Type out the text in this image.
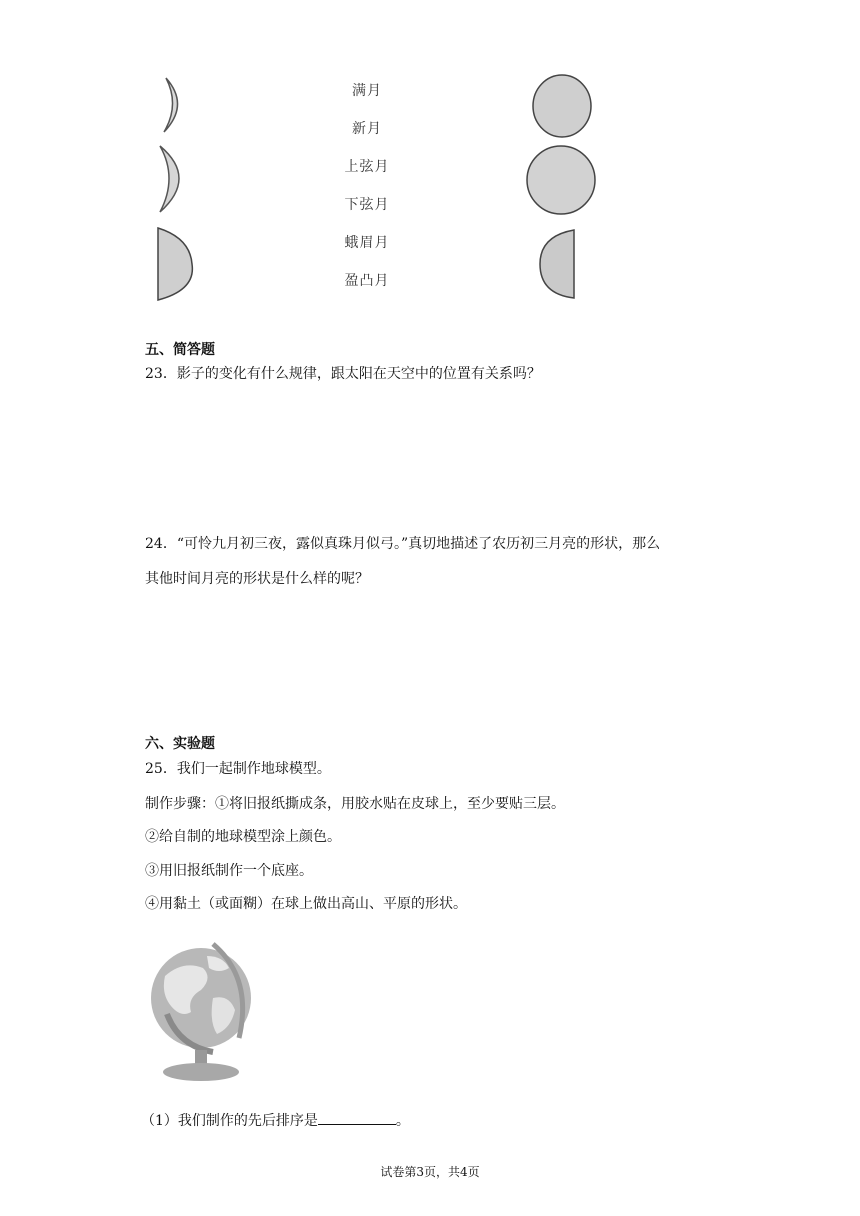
满月
新月
上弦月
下弦月
蛾眉月
盈凸月
五、简答题
23．影子的变化有什么规律，跟太阳在天空中的位置有关系吗？
24．“可怜九月初三夜，露似真珠月似弓。”真切地描述了农历初三月亮的形状，那么
其他时间月亮的形状是什么样的呢？
六、实验题
25．我们一起制作地球模型。
制作步骤：①将旧报纸撕成条，用胶水贴在皮球上，至少要贴三层。
②给自制的地球模型涂上颜色。
③用旧报纸制作一个底座。
④用黏土（或面糊）在球上做出高山、平原的形状。
（1）我们制作的先后排序是	。
试卷第3页，共4页
